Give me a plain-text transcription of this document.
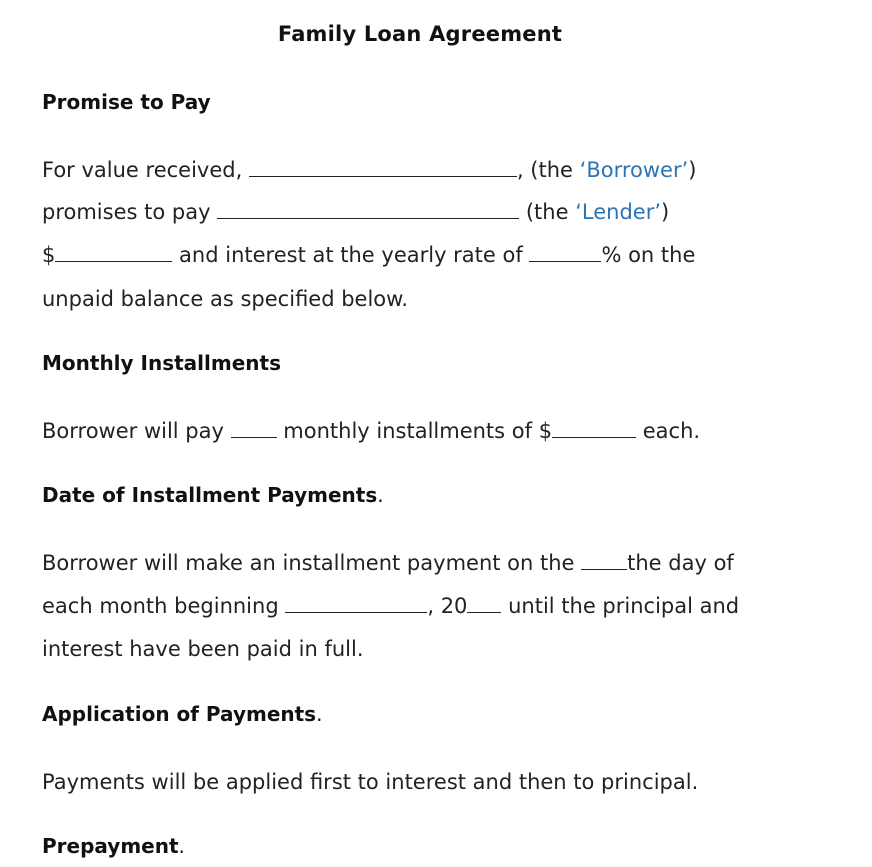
Family Loan Agreement
Promise to Pay
For value received,	, (the ‘Borrower’)
promises to pay	(the ‘Lender’)
$	and interest at the yearly rate of	% on the
unpaid balance as specified below.
Monthly Installments
Borrower will pay  monthly installments of $	each.
Date of Installment Payments.
Borrower will make an installment payment on the the day of
each month beginning	, 20 until the principal and
interest have been paid in full.
Application of Payments.
Payments will be applied first to interest and then to principal.
Prepayment.
